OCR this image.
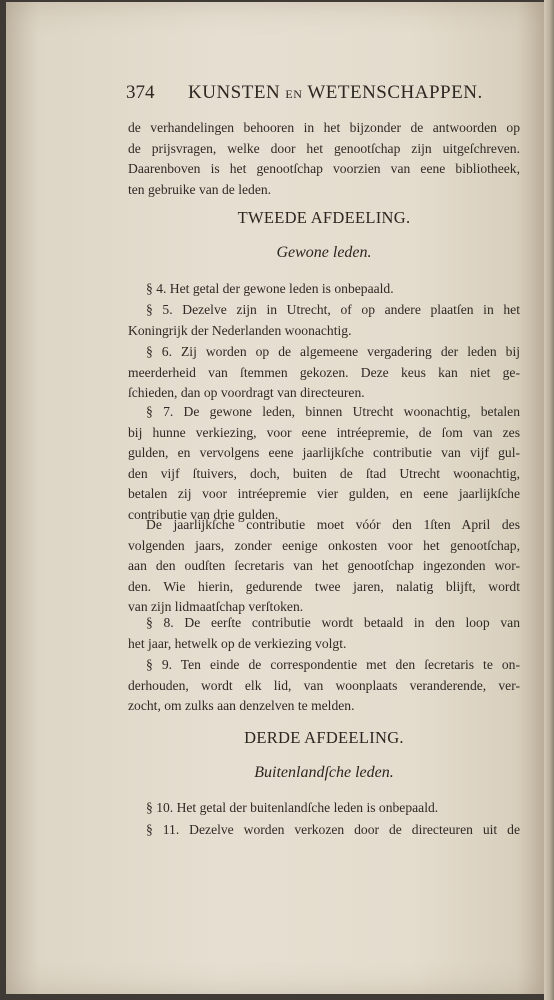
374 KUNSTEN EN WETENSCHAPPEN.

de verhandelingen behooren in het bijzonder de antwoorden op

de prijsvragen, welke door het genootſchap zijn uitgeſchreven.

Daarenboven is het genootſchap voorzien van eene bibliotheek,

ten gebruike van de leden.

TWEEDE AFDEELING.
Gewone leden.

§ 4. Het getal der gewone leden is onbepaald.

§ 5. Dezelve zijn in Utrecht, of op andere plaatſen in het

Koningrijk der Nederlanden woonachtig.

§ 6. Zij worden op de algemeene vergadering der leden bij

meerderheid van ſtemmen gekozen. Deze keus kan niet ge-

ſchieden, dan op voordragt van directeuren.

§ 7. De gewone leden, binnen Utrecht woonachtig, betalen

bij hunne verkiezing, voor eene intréepremie, de ſom van zes

gulden, en vervolgens eene jaarlijkſche contributie van vijf gul-

den vijf ſtuivers, doch, buiten de ſtad Utrecht woonachtig,

betalen zij voor intréepremie vier gulden, en eene jaarlijkſche

contributie van drie gulden.

De jaarlijkſche contributie moet vóór den 1ſten April des

volgenden jaars, zonder eenige onkosten voor het genootſchap,

aan den oudſten ſecretaris van het genootſchap ingezonden wor-

den. Wie hierin, gedurende twee jaren, nalatig blijft, wordt

van zijn lidmaatſchap verſtoken.

§ 8. De eerſte contributie wordt betaald in den loop van

het jaar, hetwelk op de verkiezing volgt.

§ 9. Ten einde de correspondentie met den ſecretaris te on-

derhouden, wordt elk lid, van woonplaats veranderende, ver-

zocht, om zulks aan denzelven te melden.

DERDE AFDEELING.
Buitenlandſche leden.

§ 10. Het getal der buitenlandſche leden is onbepaald.

§ 11. Dezelve worden verkozen door de directeuren uit de
